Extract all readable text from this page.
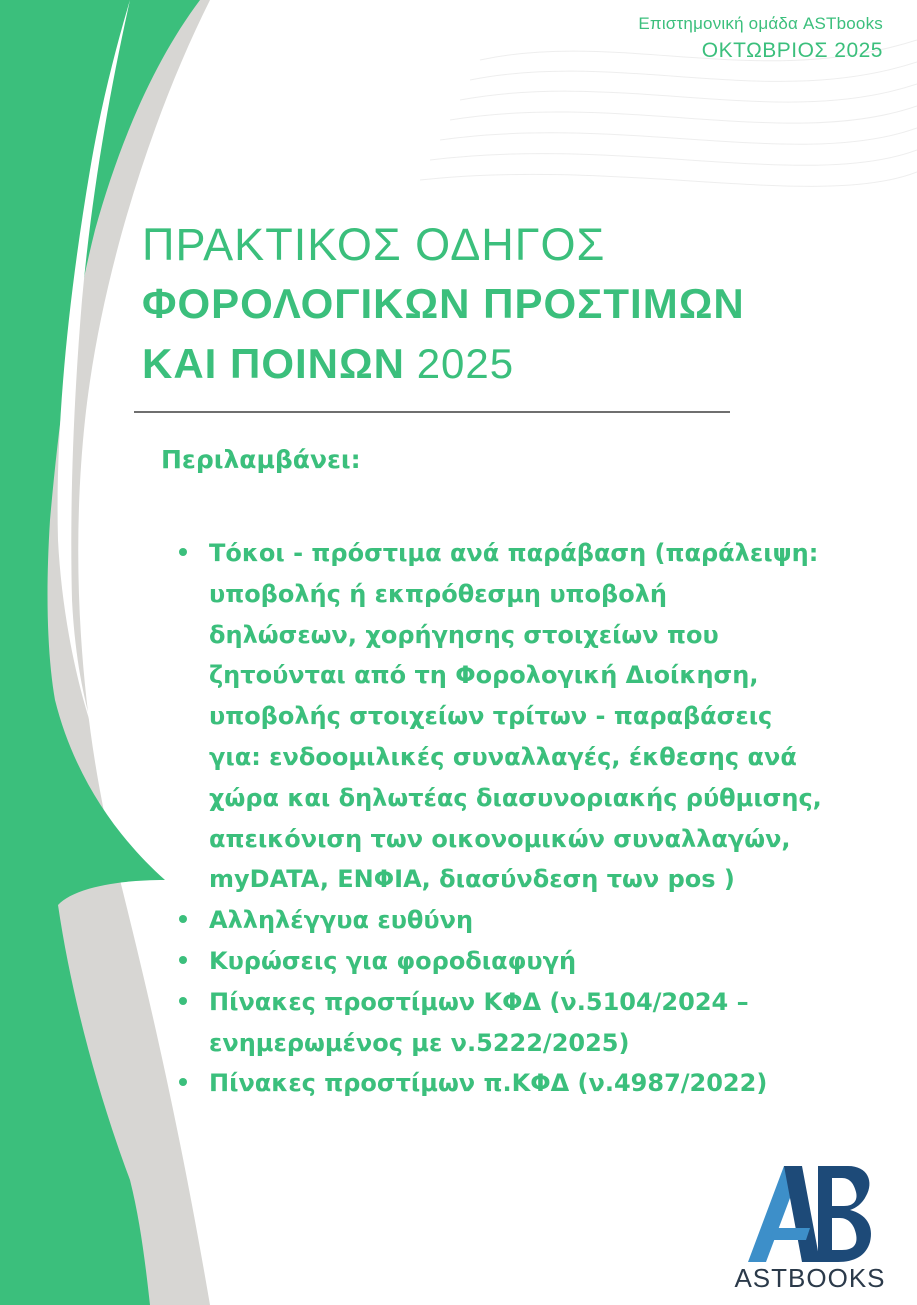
Επιστημονική ομάδα ASTbooks
ΟΚΤΩΒΡΙΟΣ 2025
ΠΡΑΚΤΙΚΟΣ ΟΔΗΓΟΣ
ΦΟΡΟΛΟΓΙΚΩΝ ΠΡΟΣΤΙΜΩΝ
ΚΑΙ ΠΟΙΝΩΝ 2025
Περιλαμβάνει:
Τόκοι - πρόστιμα ανά παράβαση (παράλειψη:
υποβολής ή εκπρόθεσμη υποβολή
δηλώσεων, χορήγησης στοιχείων που
ζητούνται από τη Φορολογική Διοίκηση,
υποβολής στοιχείων τρίτων - παραβάσεις
για: ενδοομιλικές συναλλαγές, έκθεσης ανά
χώρα και δηλωτέας διασυνοριακής ρύθμισης,
απεικόνιση των οικονομικών συναλλαγών,
myDATA, ΕΝΦΙΑ, διασύνδεση των pos )
Αλληλέγγυα ευθύνη
Κυρώσεις για φοροδιαφυγή
Πίνακες προστίμων ΚΦΔ (ν.5104/2024 –
ενημερωμένος με ν.5222/2025)
Πίνακες προστίμων π.ΚΦΔ (ν.4987/2022)
ASTBOOKS
